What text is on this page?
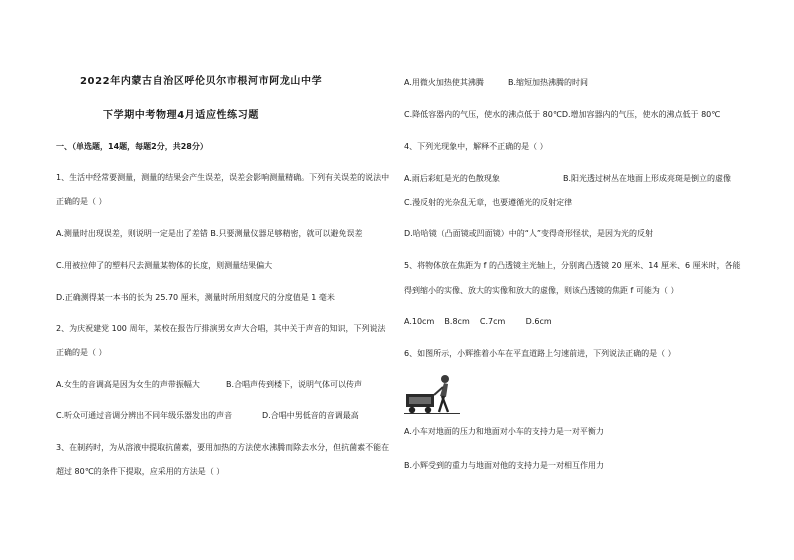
2022年内蒙古自治区呼伦贝尔市根河市阿龙山中学
下学期中考物理4月适应性练习题
一、（单选题，14题，每题2分，共28分）
1、生活中经常要测量，测量的结果会产生误差，误差会影响测量精确。下列有关误差的说法中
正确的是（ ）
A.测量时出现误差，则说明一定是出了差错 B.只要测量仪器足够精密，就可以避免误差
C.用被拉伸了的塑料尺去测量某物体的长度，则测量结果偏大
D.正确测得某一本书的长为 25.70 厘米，测量时所用刻度尺的分度值是 1 毫米
2、为庆祝建党 100 周年，某校在报告厅排演男女声大合唱，其中关于声音的知识，下列说法
正确的是（ ）
A.女生的音调高是因为女生的声带振幅大	B.合唱声传到楼下，说明气体可以传声
C.听众可通过音调分辨出不同年级乐器发出的声音	D.合唱中男低音的音调最高
3、在制药时，为从溶液中提取抗菌素，要用加热的方法使水沸腾而除去水分，但抗菌素不能在
超过 80℃的条件下提取，应采用的方法是（ ）
A.用微火加热使其沸腾	B.缩短加热沸腾的时间
C.降低容器内的气压，使水的沸点低于 80℃D.增加容器内的气压，使水的沸点低于 80℃
4、下列光现象中，解释不正确的是（ ）
A.雨后彩虹是光的色散现象	B.阳光透过树丛在地面上形成亮斑是倒立的虚像
C.漫反射的光杂乱无章，也要遵循光的反射定律
D.哈哈镜（凸面镜或凹面镜）中的“人”变得奇形怪状，是因为光的反射
5、将物体放在焦距为 f 的凸透镜主光轴上，分别离凸透镜 20 厘米、14 厘米、6 厘米时，各能
得到缩小的实像、放大的实像和放大的虚像，则该凸透镜的焦距 f 可能为（ ）
A.10cm    B.8cm    C.7cm        D.6cm
6、如图所示，小辉推着小车在平直道路上匀速前进，下列说法正确的是（ ）
A.小车对地面的压力和地面对小车的支持力是一对平衡力
B.小辉受到的重力与地面对他的支持力是一对相互作用力
